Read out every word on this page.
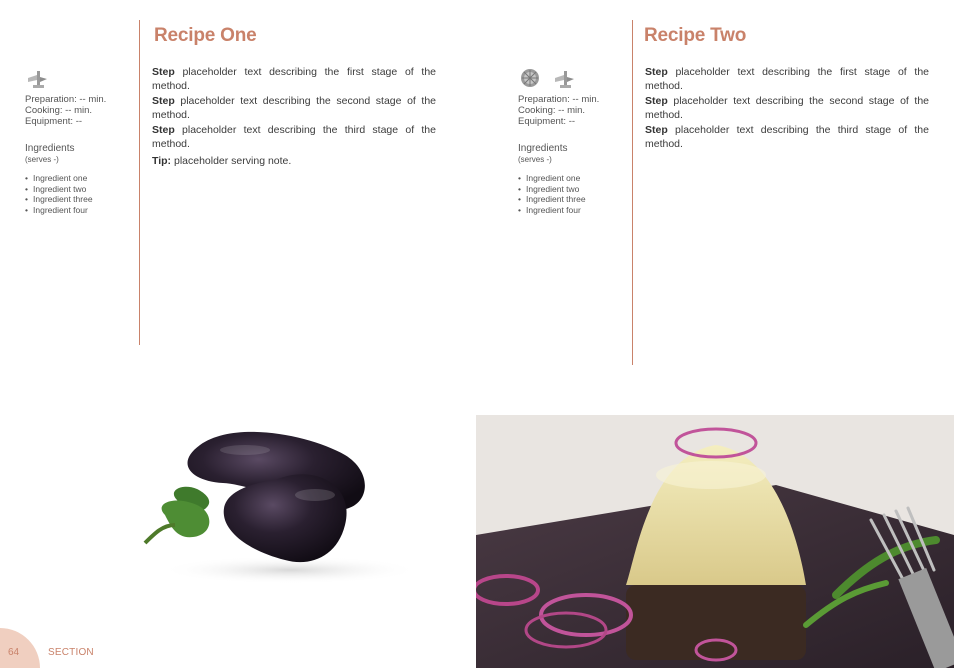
Recipe One

Preparation: -- min.

Cooking: -- min.

Equipment: --

Ingredients
(serves -)
• Ingredient one
• Ingredient two
• Ingredient three
• Ingredient four

Step placeholder text describing the first stage of the method.

Step placeholder text describing the second stage of the method.

Step placeholder text describing the third stage of the method.

Tip: placeholder serving note.

Recipe Two

Preparation: -- min.

Cooking: -- min.

Equipment: --

Ingredients
(serves -)
• Ingredient one
• Ingredient two
• Ingredient three
• Ingredient four

Step placeholder text describing the first stage of the method.

Step placeholder text describing the second stage of the method.

Step placeholder text describing the third stage of the method.

64	SECTION
